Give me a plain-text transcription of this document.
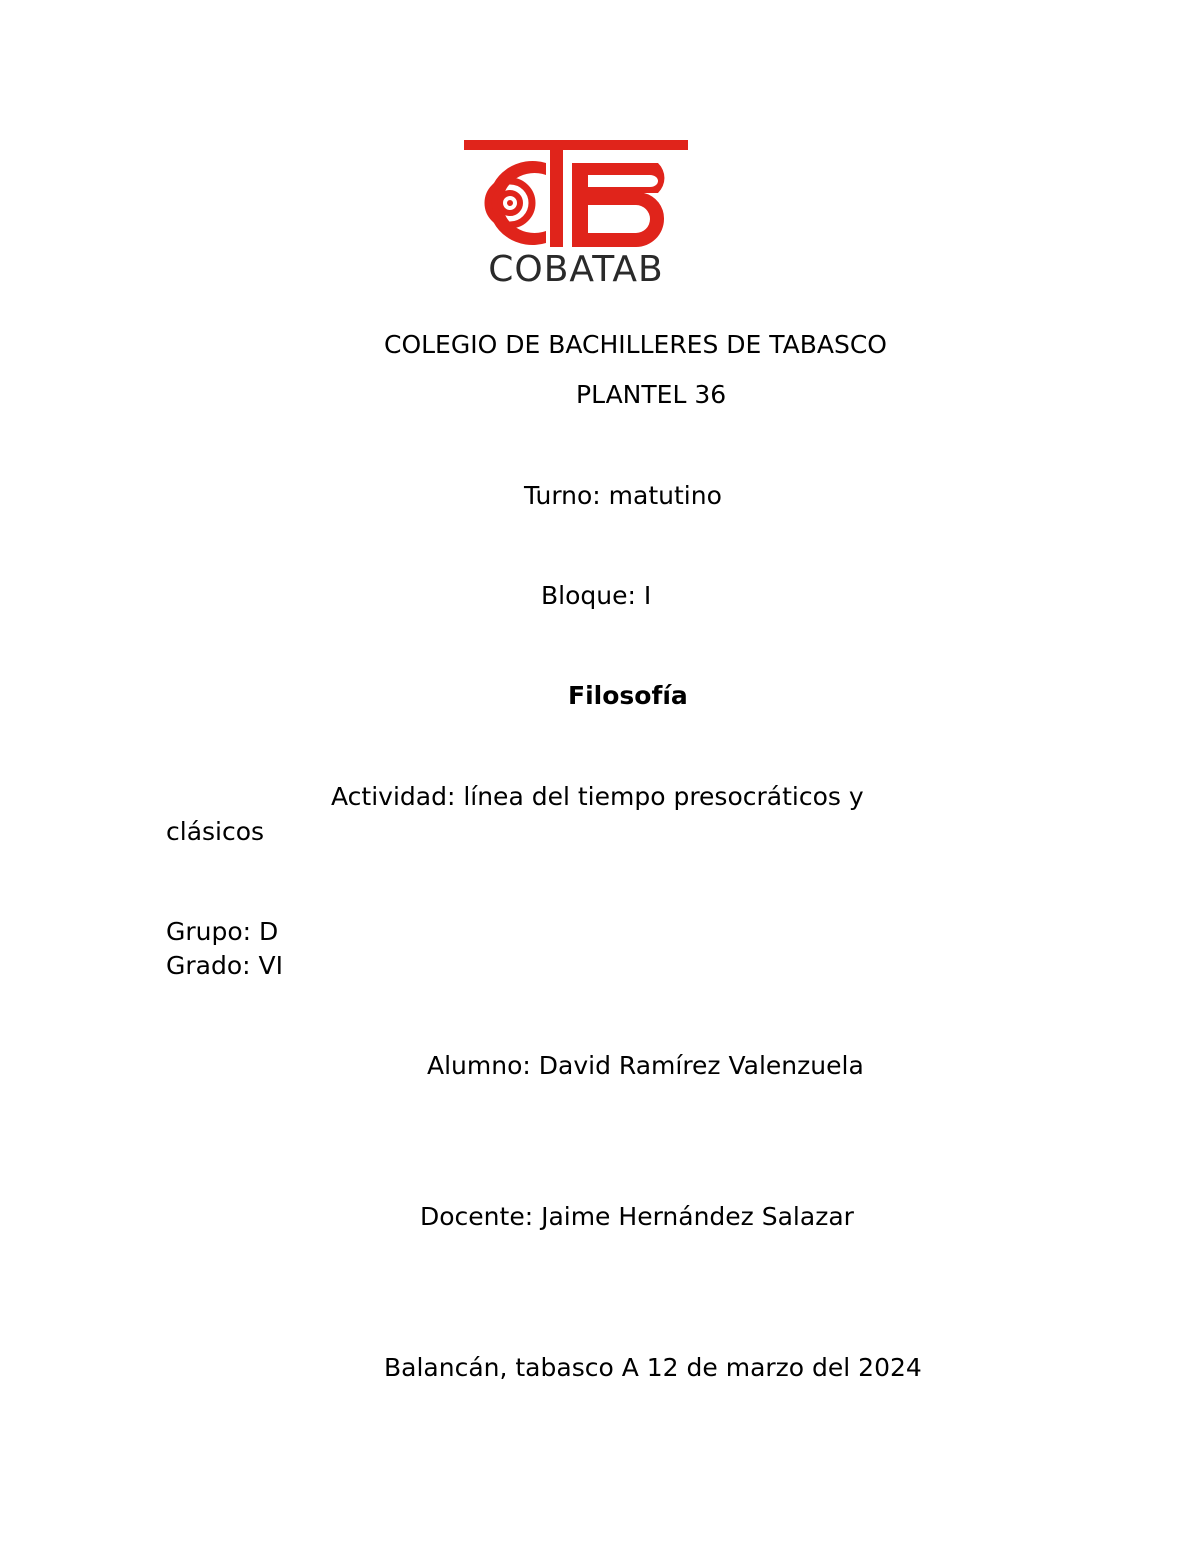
COBATAB
COLEGIO DE BACHILLERES DE TABASCO
PLANTEL 36
Turno: matutino
Bloque: I
Filosofía
Actividad: línea del tiempo presocráticos y
clásicos
Grupo: D
Grado: VI
Alumno: David Ramírez Valenzuela
Docente: Jaime Hernández Salazar
Balancán, tabasco A 12 de marzo del 2024
